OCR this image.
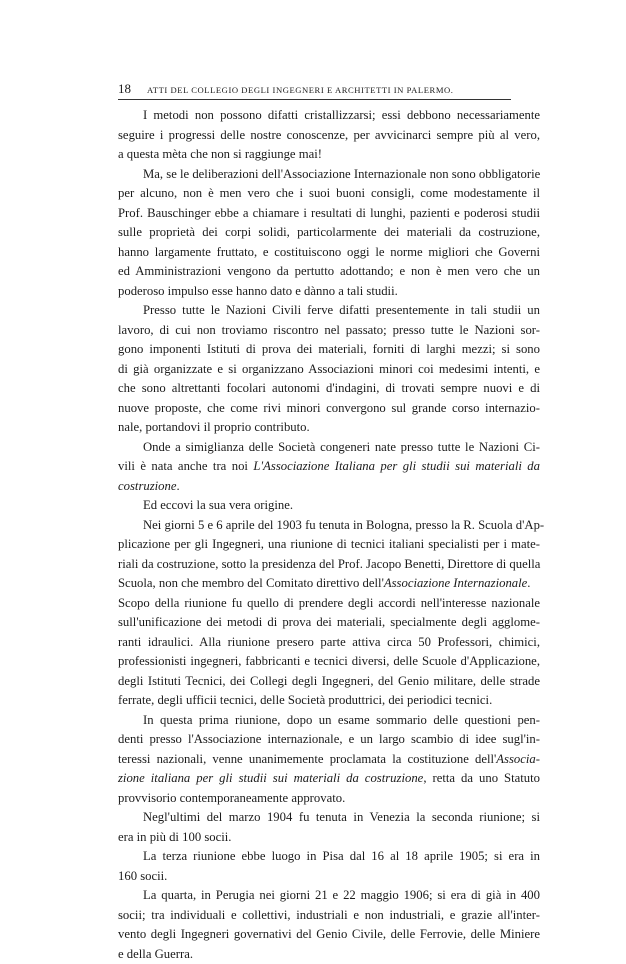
18 ATTI DEL COLLEGIO DEGLI INGEGNERI E ARCHITETTI IN PALERMO.
I metodi non possono difatti cristallizzarsi; essi debbono necessariamente
seguire i progressi delle nostre conoscenze, per avvicinarci sempre più al vero,
a questa mèta che non si raggiunge mai!
Ma, se le deliberazioni dell'Associazione Internazionale non sono obbligatorie
per alcuno, non è men vero che i suoi buoni consigli, come modestamente il
Prof. Bauschinger ebbe a chiamare i resultati di lunghi, pazienti e poderosi studii
sulle proprietà dei corpi solidi, particolarmente dei materiali da costruzione,
hanno largamente fruttato, e costituiscono oggi le norme migliori che Governi
ed Amministrazioni vengono da pertutto adottando; e non è men vero che un
poderoso impulso esse hanno dato e dànno a tali studii.
Presso tutte le Nazioni Civili ferve difatti presentemente in tali studii un
lavoro, di cui non troviamo riscontro nel passato; presso tutte le Nazioni sor-
gono imponenti Istituti di prova dei materiali, forniti di larghi mezzi; si sono
di già organizzate e si organizzano Associazioni minori coi medesimi intenti, e
che sono altrettanti focolari autonomi d'indagini, di trovati sempre nuovi e di
nuove proposte, che come rivi minori convergono sul grande corso internazio-
nale, portandovi il proprio contributo.
Onde a simiglianza delle Società congeneri nate presso tutte le Nazioni Ci-
vili è nata anche tra noi L'Associazione Italiana per gli studii sui materiali da
costruzione.
Ed eccovi la sua vera origine.
Nei giorni 5 e 6 aprile del 1903 fu tenuta in Bologna, presso la R. Scuola d'Ap-
plicazione per gli Ingegneri, una riunione di tecnici italiani specialisti per i mate-
riali da costruzione, sotto la presidenza del Prof. Jacopo Benetti, Direttore di quella
Scuola, non che membro del Comitato direttivo dell'Associazione Internazionale.
Scopo della riunione fu quello di prendere degli accordi nell'interesse nazionale
sull'unificazione dei metodi di prova dei materiali, specialmente degli agglome-
ranti idraulici. Alla riunione presero parte attiva circa 50 Professori, chimici,
professionisti ingegneri, fabbricanti e tecnici diversi, delle Scuole d'Applicazione,
degli Istituti Tecnici, dei Collegi degli Ingegneri, del Genio militare, delle strade
ferrate, degli ufficii tecnici, delle Società produttrici, dei periodici tecnici.
In questa prima riunione, dopo un esame sommario delle questioni pen-
denti presso l'Associazione internazionale, e un largo scambio di idee sugl'in-
teressi nazionali, venne unanimemente proclamata la costituzione dell'Associa-
zione italiana per gli studii sui materiali da costruzione, retta da uno Statuto
provvisorio contemporaneamente approvato.
Negl'ultimi del marzo 1904 fu tenuta in Venezia la seconda riunione; si
era in più di 100 socii.
La terza riunione ebbe luogo in Pisa dal 16 al 18 aprile 1905; si era in
160 socii.
La quarta, in Perugia nei giorni 21 e 22 maggio 1906; si era di già in 400
socii; tra individuali e collettivi, industriali e non industriali, e grazie all'inter-
vento degli Ingegneri governativi del Genio Civile, delle Ferrovie, delle Miniere
e della Guerra.
